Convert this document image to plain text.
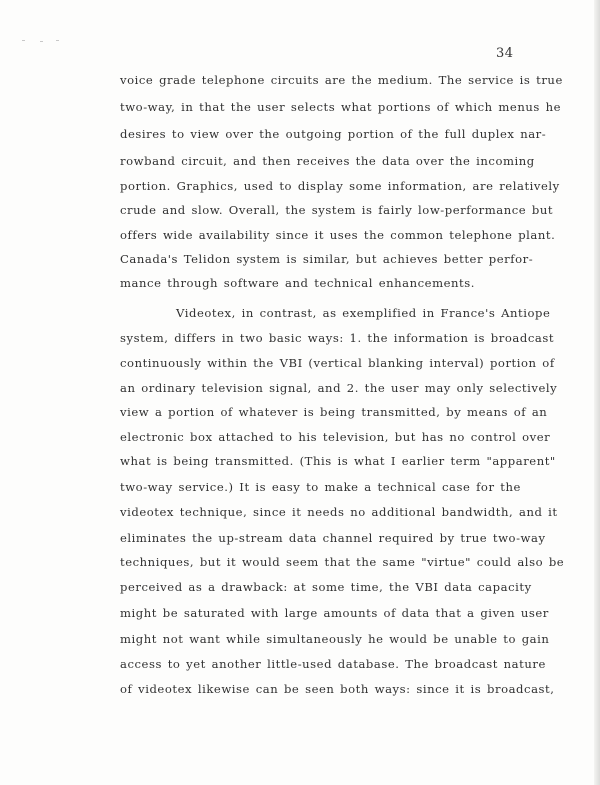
34
voice grade telephone circuits are the medium. The service is true
two-way, in that the user selects what portions of which menus he
desires to view over the outgoing portion of the full duplex nar-
rowband circuit, and then receives the data over the incoming
portion. Graphics, used to display some information, are relatively
crude and slow. Overall, the system is fairly low-performance but
offers wide availability since it uses the common telephone plant.
Canada's Telidon system is similar, but achieves better perfor-
mance through software and technical enhancements.
Videotex, in contrast, as exemplified in France's Antiope
system, differs in two basic ways: 1. the information is broadcast
continuously within the VBI (vertical blanking interval) portion of
an ordinary television signal, and 2. the user may only selectively
view a portion of whatever is being transmitted, by means of an
electronic box attached to his television, but has no control over
what is being transmitted. (This is what I earlier term "apparent"
two-way service.) It is easy to make a technical case for the
videotex technique, since it needs no additional bandwidth, and it
eliminates the up-stream data channel required by true two-way
techniques, but it would seem that the same "virtue" could also be
perceived as a drawback: at some time, the VBI data capacity
might be saturated with large amounts of data that a given user
might not want while simultaneously he would be unable to gain
access to yet another little-used database. The broadcast nature
of videotex likewise can be seen both ways: since it is broadcast,
